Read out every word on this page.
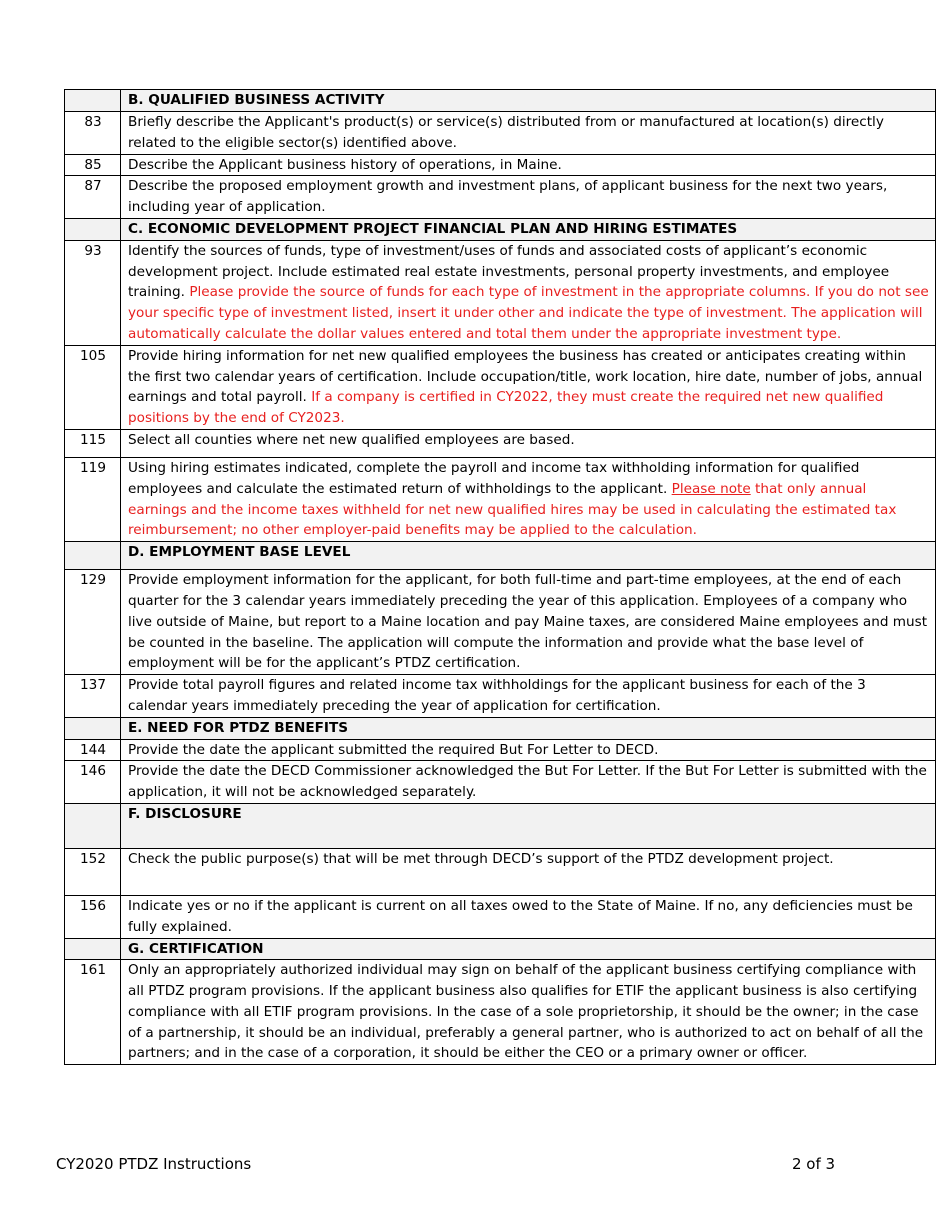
	B. QUALIFIED BUSINESS ACTIVITY
83	Briefly describe the Applicant's product(s) or service(s) distributed from or manufactured at location(s) directly related to the eligible sector(s) identified above.
85	Describe the Applicant business history of operations, in Maine.
87	Describe the proposed employment growth and investment plans, of applicant business for the next two years, including year of application.
	C. ECONOMIC DEVELOPMENT PROJECT FINANCIAL PLAN AND HIRING ESTIMATES
93	Identify the sources of funds, type of investment/uses of funds and associated costs of applicant’s economic development project. Include estimated real estate investments, personal property investments, and employee training. Please provide the source of funds for each type of investment in the appropriate columns. If you do not see your specific type of investment listed, insert it under other and indicate the type of investment. The application will automatically calculate the dollar values entered and total them under the appropriate investment type.
105	Provide hiring information for net new qualified employees the business has created or anticipates creating within the first two calendar years of certification. Include occupation/title, work location, hire date, number of jobs, annual earnings and total payroll. If a company is certified in CY2022, they must create the required net new qualified positions by the end of CY2023.
115	Select all counties where net new qualified employees are based.
119	Using hiring estimates indicated, complete the payroll and income tax withholding information for qualified employees and calculate the estimated return of withholdings to the applicant. Please note that only annual earnings and the income taxes withheld for net new qualified hires may be used in calculating the estimated tax reimbursement; no other employer-paid benefits may be applied to the calculation.
	D. EMPLOYMENT BASE LEVEL
129	Provide employment information for the applicant, for both full-time and part-time employees, at the end of each quarter for the 3 calendar years immediately preceding the year of this application. Employees of a company who live outside of Maine, but report to a Maine location and pay Maine taxes, are considered Maine employees and must be counted in the baseline. The application will compute the information and provide what the base level of employment will be for the applicant’s PTDZ certification.
137	Provide total payroll figures and related income tax withholdings for the applicant business for each of the 3 calendar years immediately preceding the year of application for certification.
	E. NEED FOR PTDZ BENEFITS
144	Provide the date the applicant submitted the required But For Letter to DECD.
146	Provide the date the DECD Commissioner acknowledged the But For Letter. If the But For Letter is submitted with the application, it will not be acknowledged separately.
	F. DISCLOSURE
152	Check the public purpose(s) that will be met through DECD’s support of the PTDZ development project.
156	Indicate yes or no if the applicant is current on all taxes owed to the State of Maine. If no, any deficiencies must be fully explained.
	G. CERTIFICATION
161	Only an appropriately authorized individual may sign on behalf of the applicant business certifying compliance with all PTDZ program provisions. If the applicant business also qualifies for ETIF the applicant business is also certifying compliance with all ETIF program provisions. In the case of a sole proprietorship, it should be the owner; in the case of a partnership, it should be an individual, preferably a general partner, who is authorized to act on behalf of all the partners; and in the case of a corporation, it should be either the CEO or a primary owner or officer.
CY2020 PTDZ Instructions	2 of 3
